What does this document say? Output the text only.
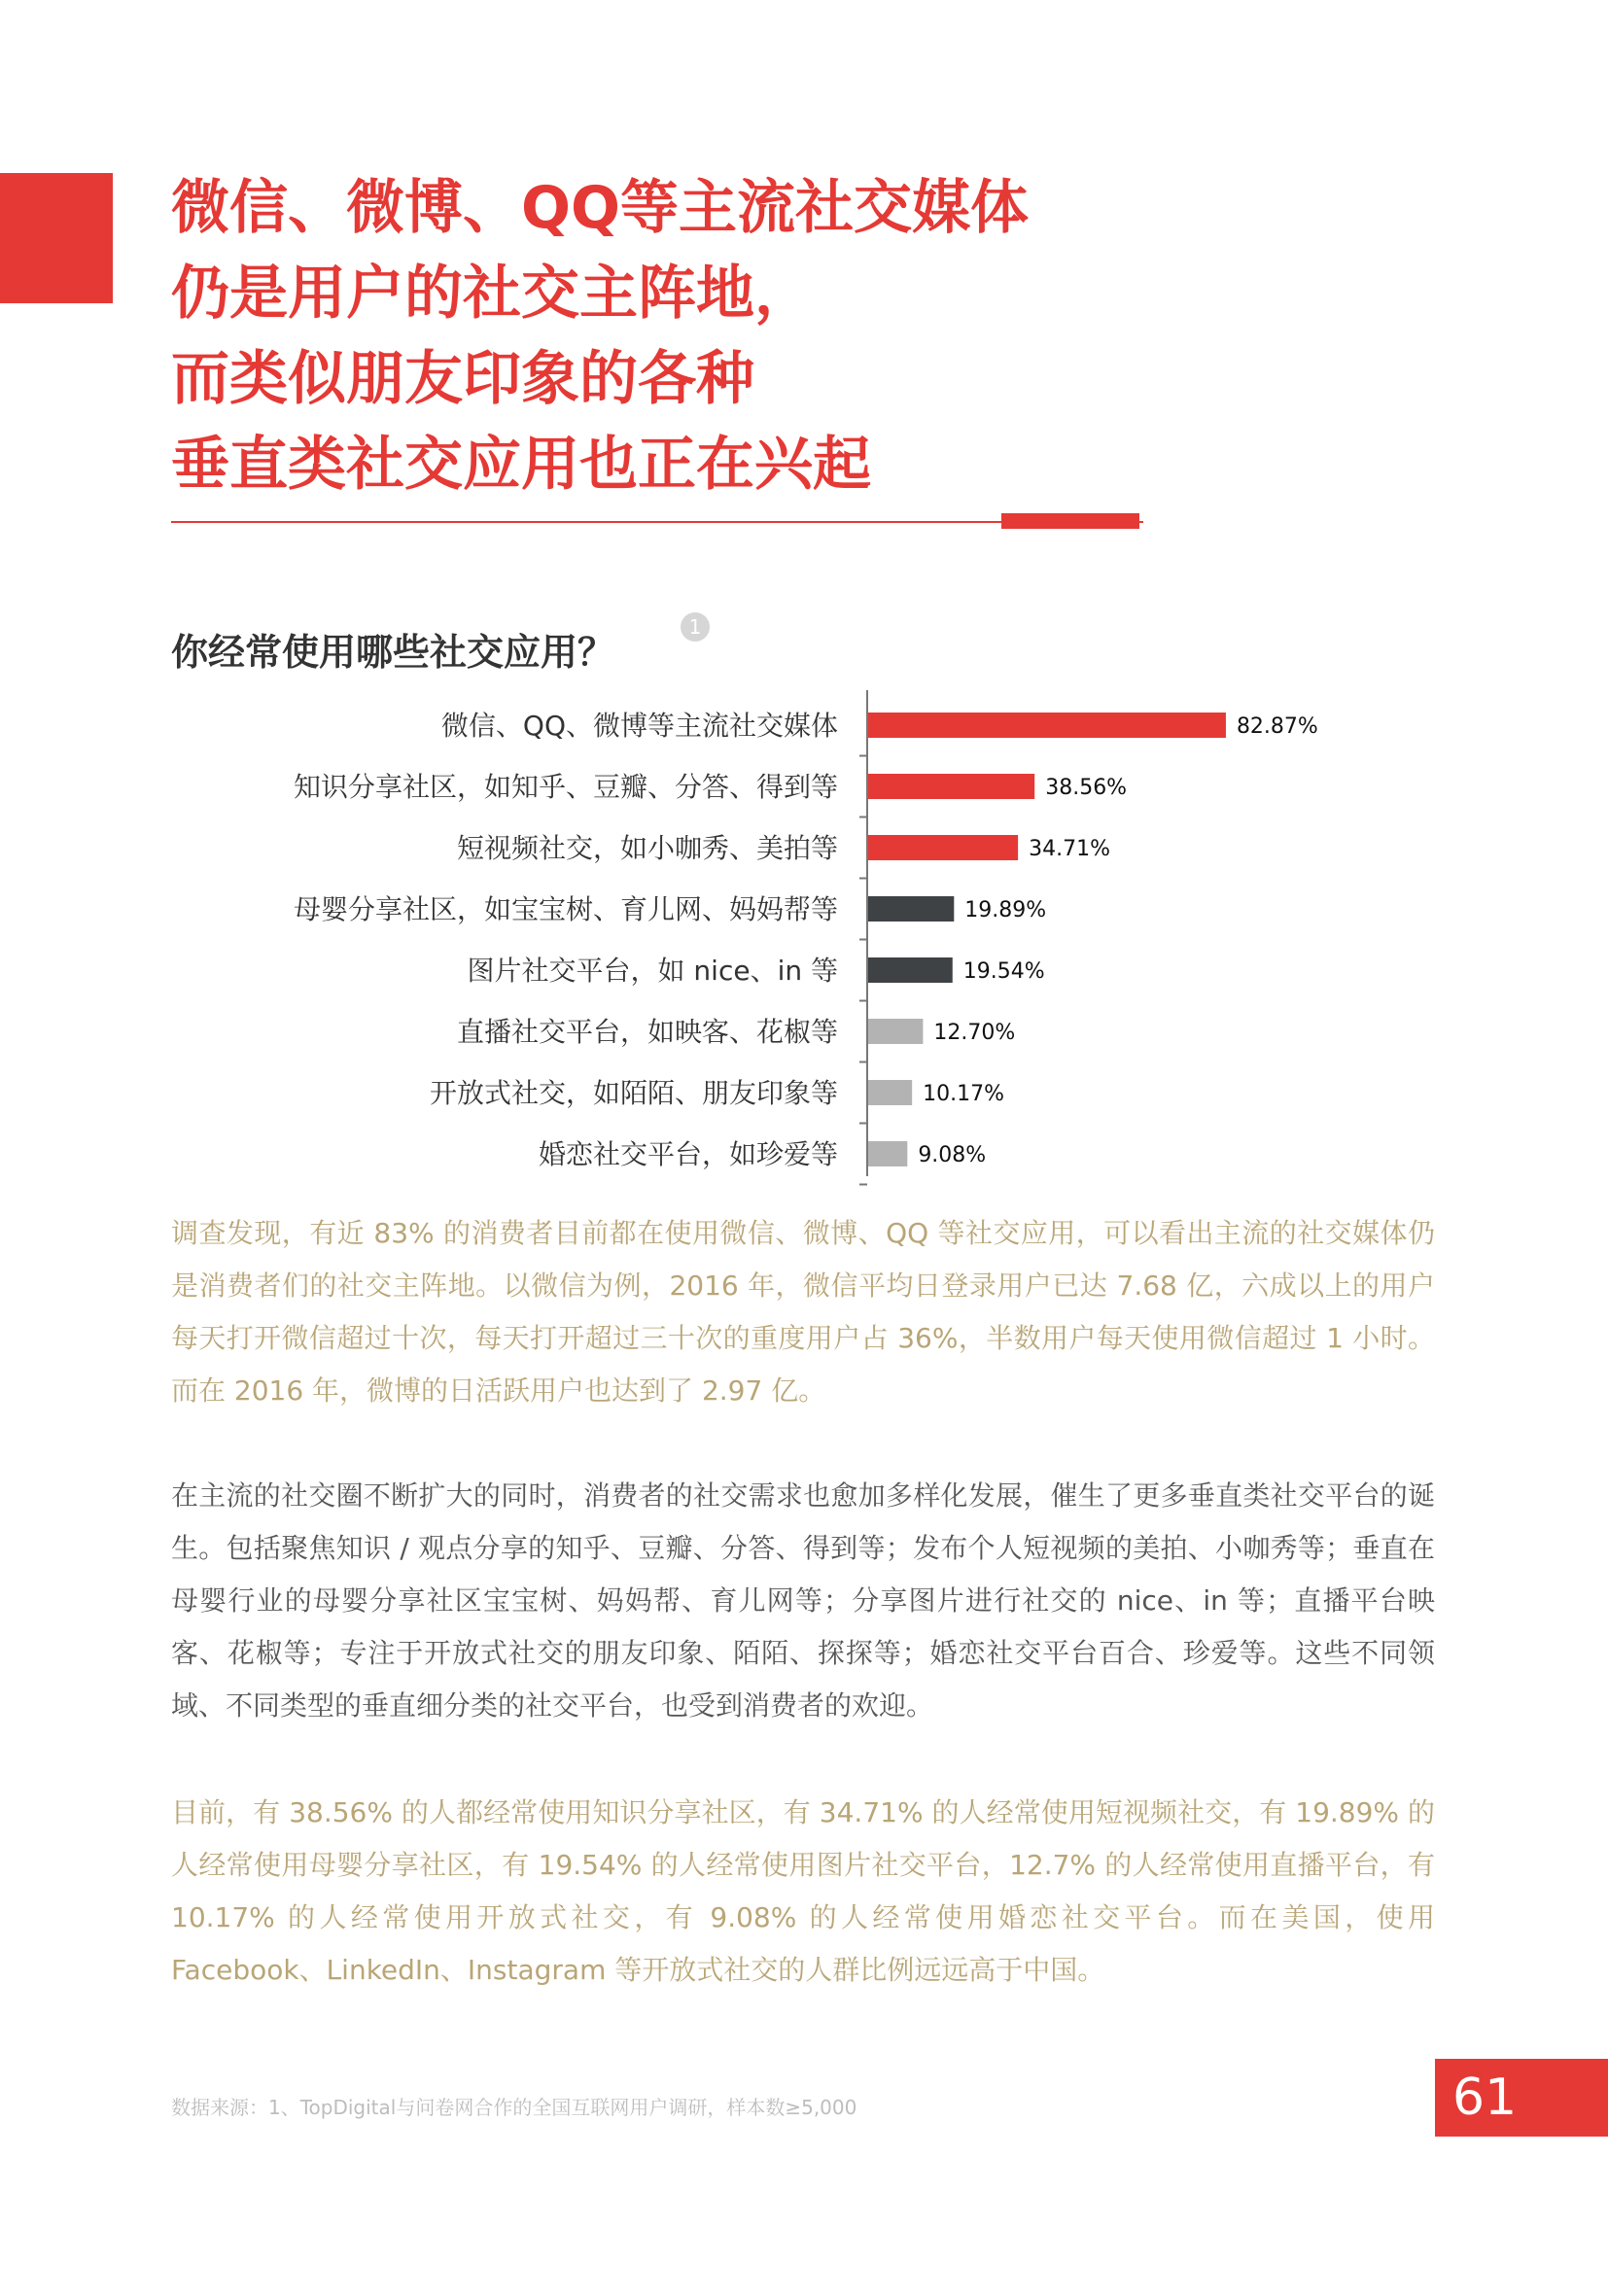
微信、微博、QQ等主流社交媒体
仍是用户的社交主阵地，
而类似朋友印象的各种
垂直类社交应用也正在兴起
你经常使用哪些社交应用？
1
微信、QQ、微博等主流社交媒体	82.87%
知识分享社区，如知乎、豆瓣、分答、得到等	38.56%
短视频社交，如小咖秀、美拍等	34.71%
母婴分享社区，如宝宝树、育儿网、妈妈帮等	19.89%
图片社交平台，如 nice、in 等	19.54%
直播社交平台，如映客、花椒等	12.70%
开放式社交，如陌陌、朋友印象等	10.17%
婚恋社交平台，如珍爱等	9.08%

调查发现，有近 83% 的消费者目前都在使用微信、微博、QQ 等社交应用，可以看出主流的社交媒体仍是消费者们的社交主阵地。以微信为例，2016 年，微信平均日登录用户已达 7.68 亿，六成以上的用户每天打开微信超过十次，每天打开超过三十次的重度用户占 36%，半数用户每天使用微信超过 1 小时。而在 2016 年，微博的日活跃用户也达到了 2.97 亿。

在主流的社交圈不断扩大的同时，消费者的社交需求也愈加多样化发展，催生了更多垂直类社交平台的诞生。包括聚焦知识 / 观点分享的知乎、豆瓣、分答、得到等；发布个人短视频的美拍、小咖秀等；垂直在母婴行业的母婴分享社区宝宝树、妈妈帮、育儿网等；分享图片进行社交的 nice、in 等；直播平台映客、花椒等；专注于开放式社交的朋友印象、陌陌、探探等；婚恋社交平台百合、珍爱等。这些不同领域、不同类型的垂直细分类的社交平台，也受到消费者的欢迎。

目前，有 38.56% 的人都经常使用知识分享社区，有 34.71% 的人经常使用短视频社交，有 19.89% 的人经常使用母婴分享社区，有 19.54% 的人经常使用图片社交平台，12.7% 的人经常使用直播平台，有 10.17% 的人经常使用开放式社交，有 9.08% 的人经常使用婚恋社交平台。而在美国，使用 Facebook、LinkedIn、Instagram 等开放式社交的人群比例远远高于中国。

数据来源：1、TopDigital与问卷网合作的全国互联网用户调研，样本数≥5,000	61
